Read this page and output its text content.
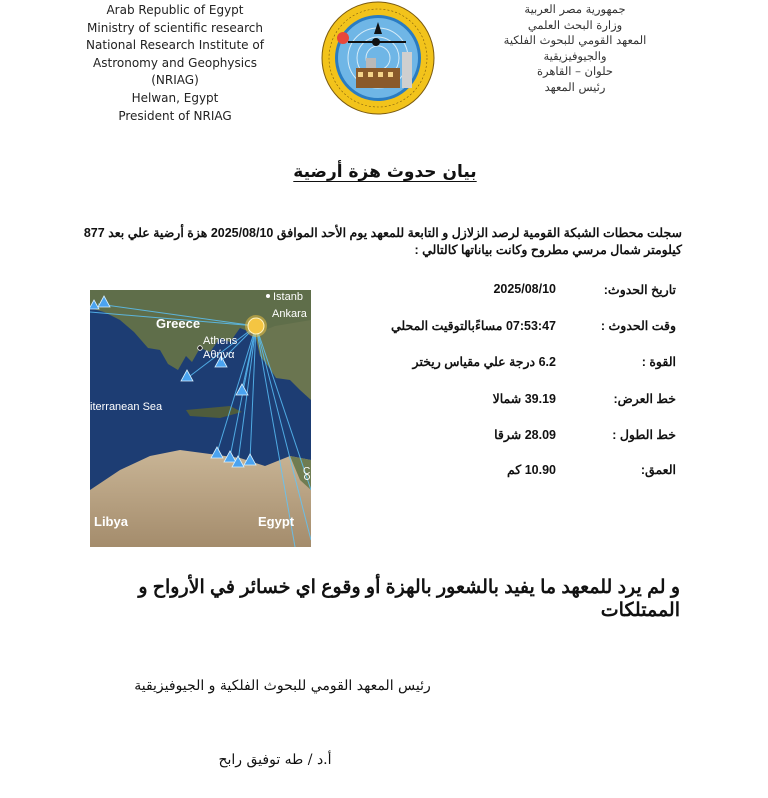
Arab Republic of Egypt
Ministry of scientific research
National Research Institute of
Astronomy and Geophysics
(NRIAG)
Helwan, Egypt
President of NRIAG
جمهورية مصر العربية
وزارة البحث العلمي
المعهد القومي للبحوث الفلكية
والجيوفيزيقية
حلوان – القاهرة
رئيس المعهد
بيان حدوث هزة أرضية
سجلت محطات الشبكة القومية لرصد الزلازل و التابعة للمعهد يوم الأحد الموافق 2025/08/10 هزة أرضية علي بعد 877 كيلومتر شمال مرسي مطروح وكانت بياناتها كالتالي :
تاريخ الحدوث:
2025/08/10
وقت الحدوث :
07:53:47 مساءًبالتوقيت المحلي
القوة :
6.2 درجة علي مقياس ريختر
خط العرض:
39.19 شمالا
خط الطول :
28.09 شرقا
العمق:
10.90 كم
Istanb
Ankara
Greece
Athens
Αθήνα
iterranean Sea
Libya	Egypt
C
و لم يرد للمعهد ما يفيد بالشعور بالهزة أو وقوع اي خسائر في الأرواح و الممتلكات
رئيس المعهد القومي للبحوث الفلكية و الجيوفيزيقية
أ.د / طه توفيق رابح
